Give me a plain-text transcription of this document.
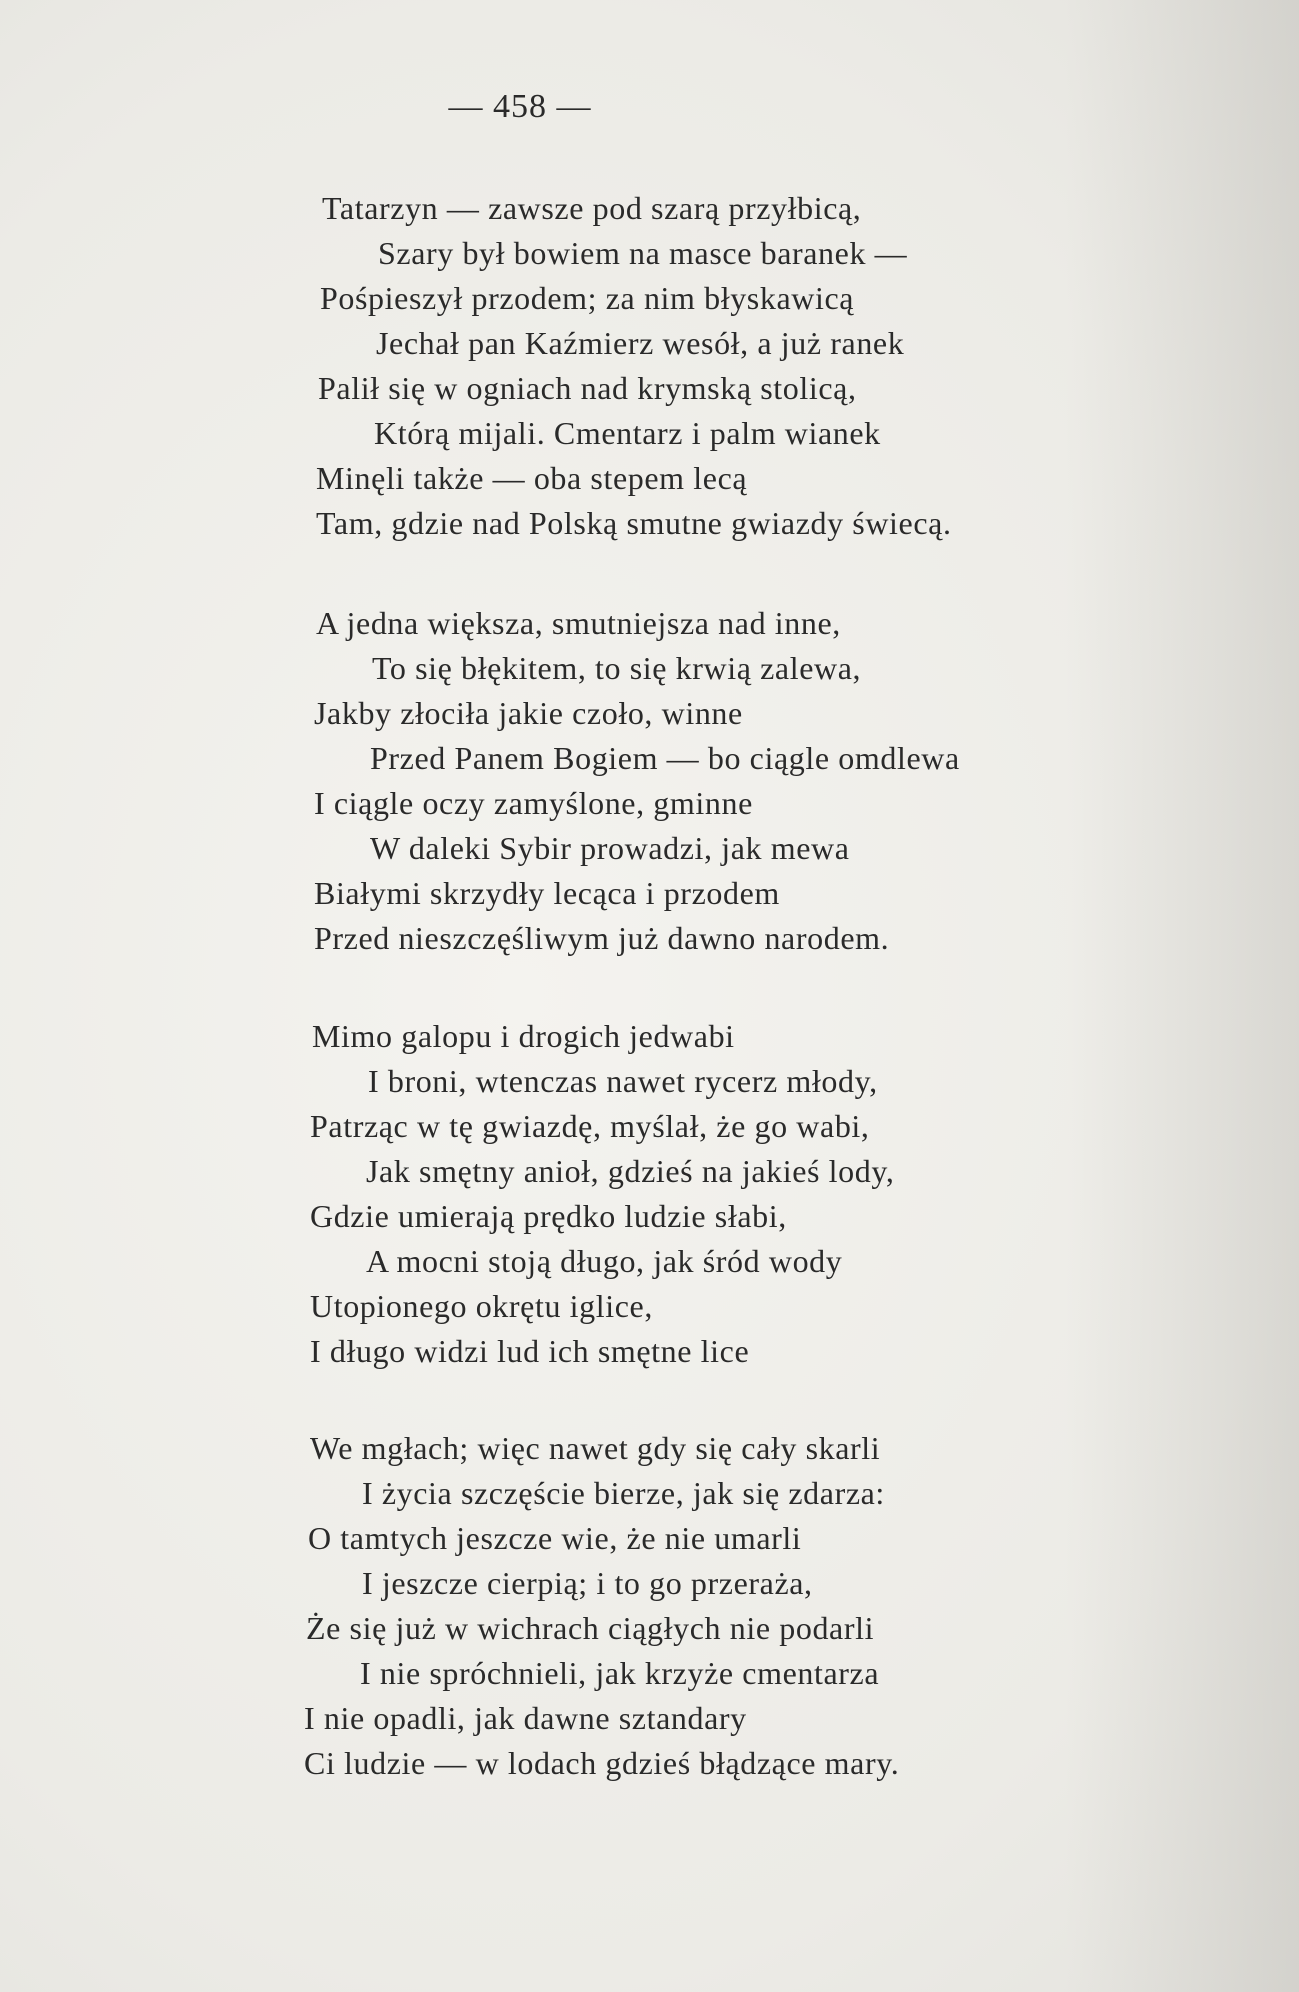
— 458 —
Tatarzyn — zawsze pod szarą przyłbicą,
Szary był bowiem na masce baranek —
Pośpieszył przodem; za nim błyskawicą
Jechał pan Kaźmierz wesół, a już ranek
Palił się w ogniach nad krymską stolicą,
Którą mijali. Cmentarz i palm wianek
Minęli także — oba stepem lecą
Tam, gdzie nad Polską smutne gwiazdy świecą.
A jedna większa, smutniejsza nad inne,
To się błękitem, to się krwią zalewa,
Jakby złociła jakie czoło, winne
Przed Panem Bogiem — bo ciągle omdlewa
I ciągle oczy zamyślone, gminne
W daleki Sybir prowadzi, jak mewa
Białymi skrzydły lecąca i przodem
Przed nieszczęśliwym już dawno narodem.
Mimo galopu i drogich jedwabi
I broni, wtenczas nawet rycerz młody,
Patrząc w tę gwiazdę, myślał, że go wabi,
Jak smętny anioł, gdzieś na jakieś lody,
Gdzie umierają prędko ludzie słabi,
A mocni stoją długo, jak śród wody
Utopionego okrętu iglice,
I długo widzi lud ich smętne lice
We mgłach; więc nawet gdy się cały skarli
I życia szczęście bierze, jak się zdarza:
O tamtych jeszcze wie, że nie umarli
I jeszcze cierpią; i to go przeraża,
Że się już w wichrach ciągłych nie podarli
I nie spróchnieli, jak krzyże cmentarza
I nie opadli, jak dawne sztandary
Ci ludzie — w lodach gdzieś błądzące mary.
